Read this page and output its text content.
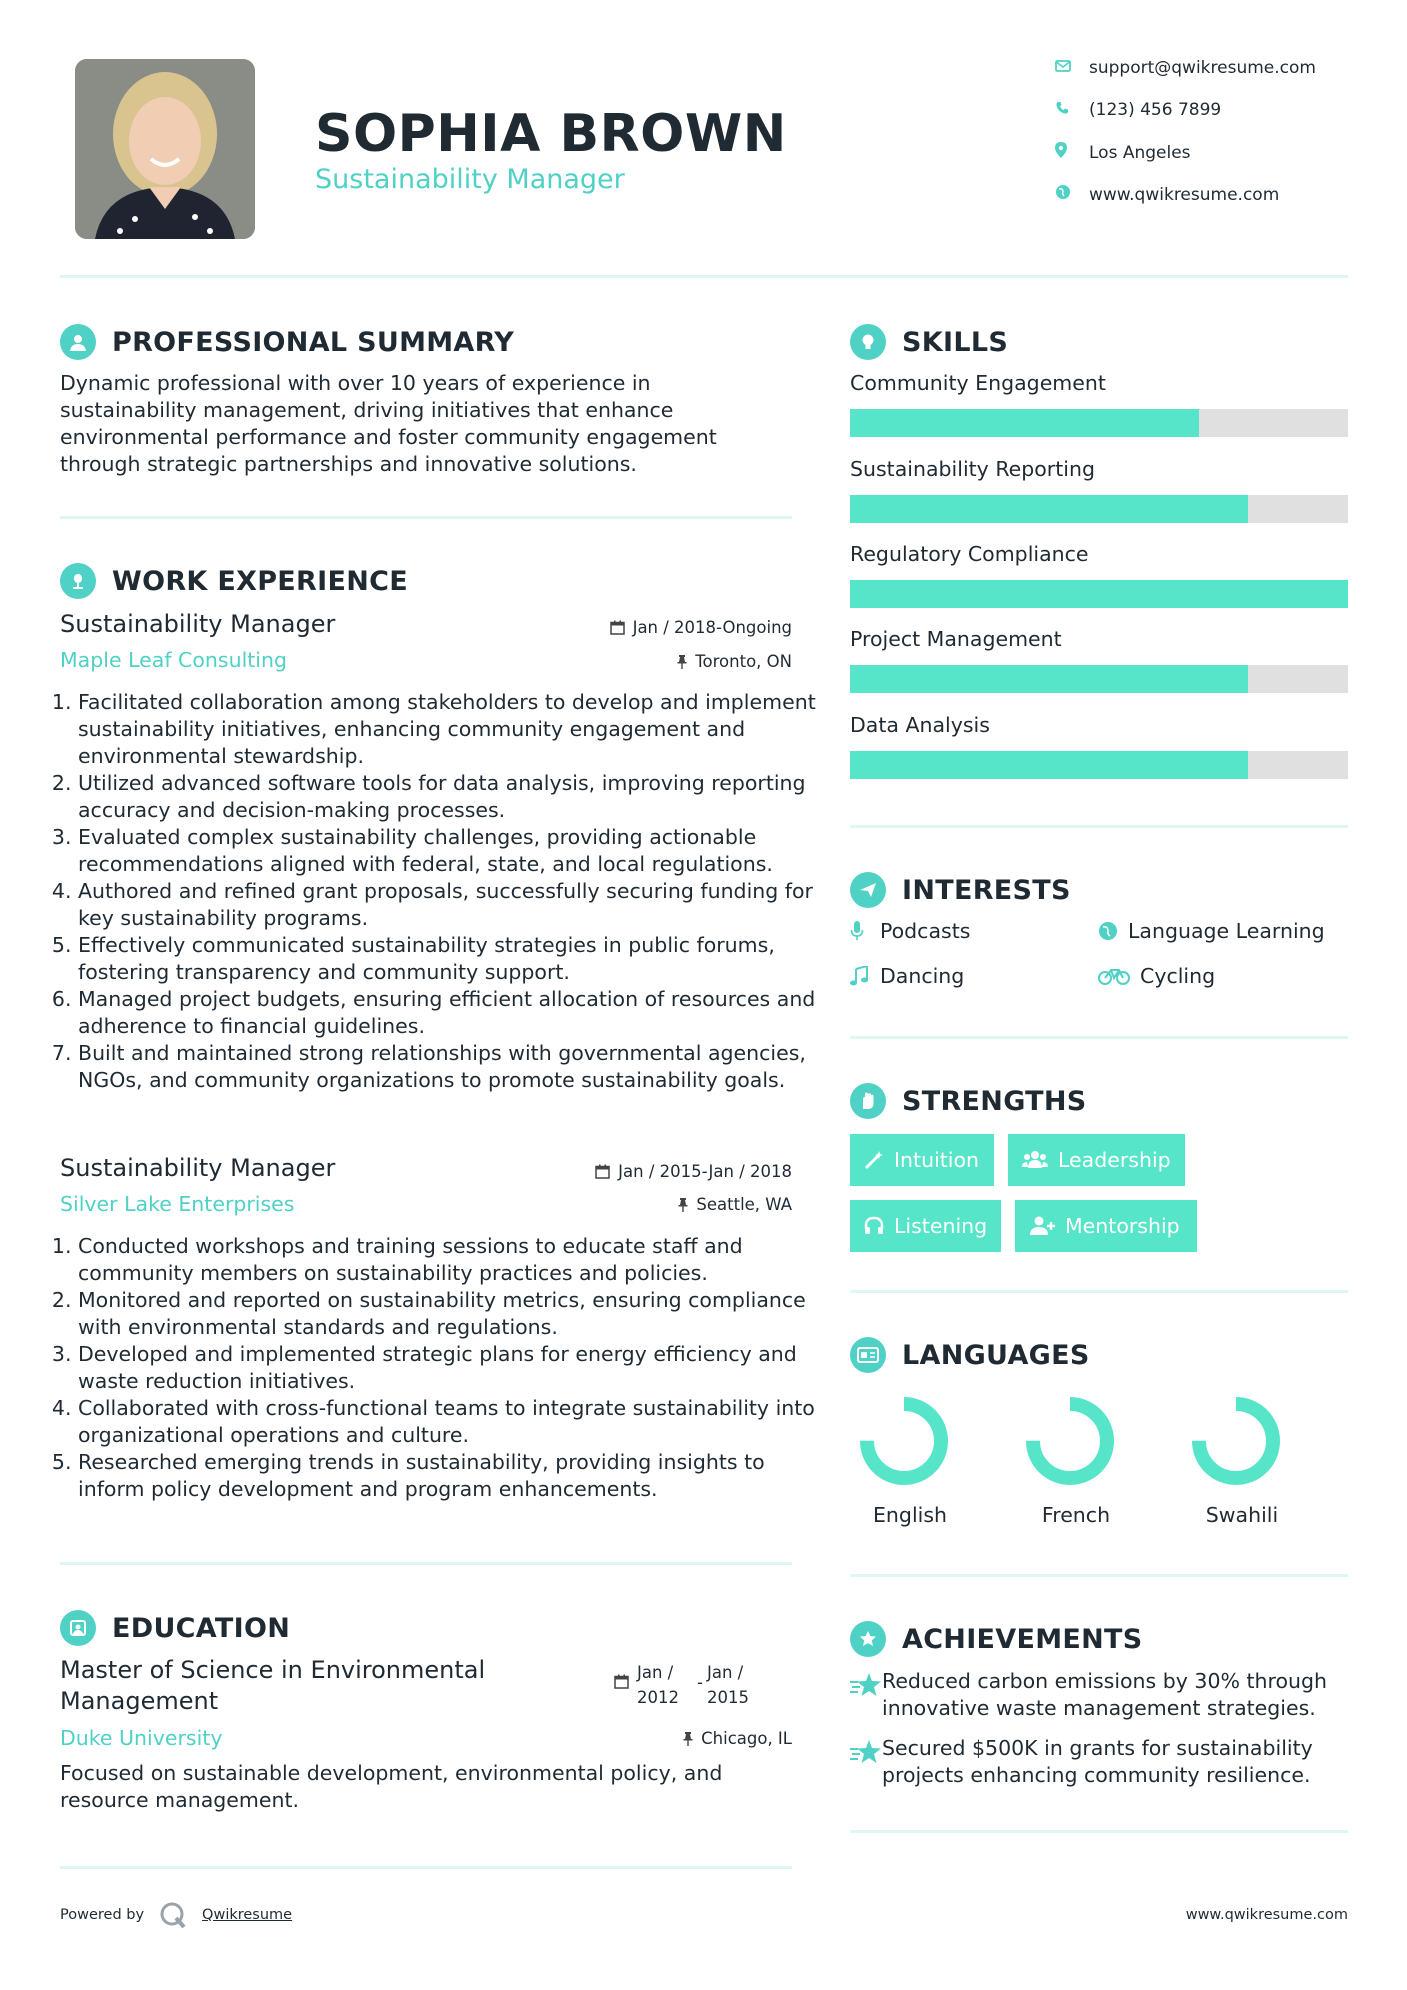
SOPHIA BROWN
Sustainability Manager
support@qwikresume.com
(123) 456 7899
Los Angeles
www.qwikresume.com
PROFESSIONAL SUMMARY
Dynamic professional with over 10 years of experience in sustainability management, driving initiatives that enhance environmental performance and foster community engagement through strategic partnerships and innovative solutions.
WORK EXPERIENCE
Sustainability Manager	Jan / 2018-Ongoing
Maple Leaf Consulting	Toronto, ON
1. Facilitated collaboration among stakeholders to develop and implement sustainability initiatives, enhancing community engagement and environmental stewardship.
2. Utilized advanced software tools for data analysis, improving reporting accuracy and decision-making processes.
3. Evaluated complex sustainability challenges, providing actionable recommendations aligned with federal, state, and local regulations.
4. Authored and refined grant proposals, successfully securing funding for key sustainability programs.
5. Effectively communicated sustainability strategies in public forums, fostering transparency and community support.
6. Managed project budgets, ensuring efficient allocation of resources and adherence to financial guidelines.
7. Built and maintained strong relationships with governmental agencies, NGOs, and community organizations to promote sustainability goals.
Sustainability Manager	Jan / 2015-Jan / 2018
Silver Lake Enterprises	Seattle, WA
1. Conducted workshops and training sessions to educate staff and community members on sustainability practices and policies.
2. Monitored and reported on sustainability metrics, ensuring compliance with environmental standards and regulations.
3. Developed and implemented strategic plans for energy efficiency and waste reduction initiatives.
4. Collaborated with cross-functional teams to integrate sustainability into organizational operations and culture.
5. Researched emerging trends in sustainability, providing insights to inform policy development and program enhancements.
EDUCATION
Master of Science in Environmental Management
Jan / 2012
-
Jan / 2015
Duke University	Chicago, IL
Focused on sustainable development, environmental policy, and resource management.
SKILLS
Community Engagement
Sustainability Reporting
Regulatory Compliance
Project Management
Data Analysis
INTERESTS
Podcasts	Language Learning
Dancing	Cycling
STRENGTHS
Intuition	Leadership
Listening	Mentorship
LANGUAGES
English	French	Swahili
ACHIEVEMENTS
Reduced carbon emissions by 30% through innovative waste management strategies.
Secured $500K in grants for sustainability projects enhancing community resilience.
Powered by	Qwikresume	www.qwikresume.com
